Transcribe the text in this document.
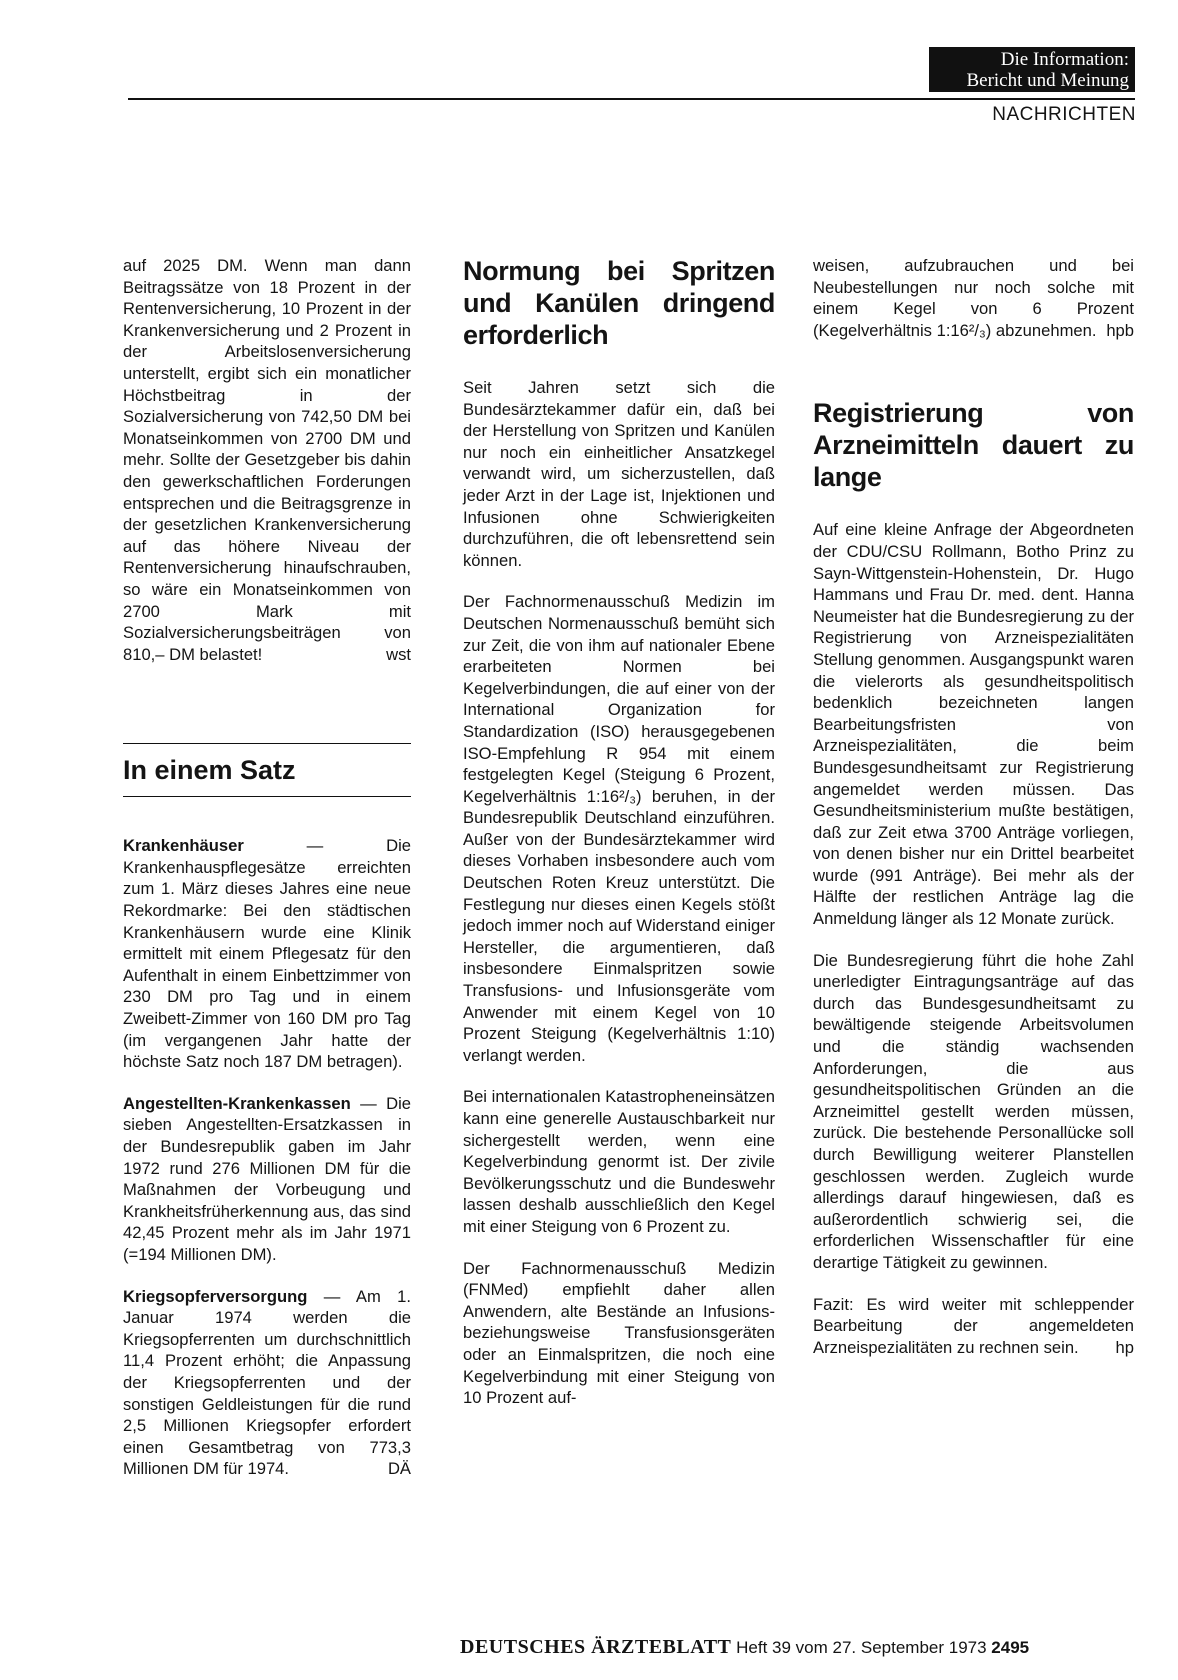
Die Information:
Bericht und Meinung
NACHRICHTEN

auf 2025 DM. Wenn man dann Beitragssätze von 18 Prozent in der Rentenversicherung, 10 Prozent in der Krankenversicherung und 2 Prozent in der Arbeitslosenversicherung unterstellt, ergibt sich ein monatlicher Höchstbeitrag in der Sozialversicherung von 742,50 DM bei Monatseinkommen von 2700 DM und mehr. Sollte der Gesetzgeber bis dahin den gewerkschaftlichen Forderungen entsprechen und die Beitragsgrenze in der gesetzlichen Krankenversicherung auf das höhere Niveau der Rentenversicherung hinaufschrauben, so wäre ein Monatseinkommen von 2700 Mark mit Sozialversicherungsbeiträgen von 810,– DM belastet!	wst

In einem Satz

Krankenhäuser — Die Krankenhauspflegesätze erreichten zum 1. März dieses Jahres eine neue Rekordmarke: Bei den städtischen Krankenhäusern wurde eine Klinik ermittelt mit einem Pflegesatz für den Aufenthalt in einem Einbettzimmer von 230 DM pro Tag und in einem Zweibett-Zimmer von 160 DM pro Tag (im vergangenen Jahr hatte der höchste Satz noch 187 DM betragen).

Angestellten-Krankenkassen — Die sieben Angestellten-Ersatzkassen in der Bundesrepublik gaben im Jahr 1972 rund 276 Millionen DM für die Maßnahmen der Vorbeugung und Krankheitsfrüherkennung aus, das sind 42,45 Prozent mehr als im Jahr 1971 (=194 Millionen DM).

Kriegsopferversorgung — Am 1. Januar 1974 werden die Kriegsopferrenten um durchschnittlich 11,4 Prozent erhöht; die Anpassung der Kriegsopferrenten und der sonstigen Geldleistungen für die rund 2,5 Millionen Kriegsopfer erfordert einen Gesamtbetrag von 773,3 Millionen DM für 1974.	DÄ

Normung bei Spritzen und Kanülen dringend erforderlich

Seit Jahren setzt sich die Bundesärztekammer dafür ein, daß bei der Herstellung von Spritzen und Kanülen nur noch ein einheitlicher Ansatzkegel verwandt wird, um sicherzustellen, daß jeder Arzt in der Lage ist, Injektionen und Infusionen ohne Schwierigkeiten durchzuführen, die oft lebensrettend sein können.

Der Fachnormenausschuß Medizin im Deutschen Normenausschuß bemüht sich zur Zeit, die von ihm auf nationaler Ebene erarbeiteten Normen bei Kegelverbindungen, die auf einer von der International Organization for Standardization (ISO) herausgegebenen ISO-Empfehlung R 954 mit einem festgelegten Kegel (Steigung 6 Prozent, Kegelverhältnis 1:16²/₃) beruhen, in der Bundesrepublik Deutschland einzuführen. Außer von der Bundesärztekammer wird dieses Vorhaben insbesondere auch vom Deutschen Roten Kreuz unterstützt. Die Festlegung nur dieses einen Kegels stößt jedoch immer noch auf Widerstand einiger Hersteller, die argumentieren, daß insbesondere Einmalspritzen sowie Transfusions- und Infusionsgeräte vom Anwender mit einem Kegel von 10 Prozent Steigung (Kegelverhältnis 1:10) verlangt werden.

Bei internationalen Katastropheneinsätzen kann eine generelle Austauschbarkeit nur sichergestellt werden, wenn eine Kegelverbindung genormt ist. Der zivile Bevölkerungsschutz und die Bundeswehr lassen deshalb ausschließlich den Kegel mit einer Steigung von 6 Prozent zu.

Der Fachnormenausschuß Medizin (FNMed) empfiehlt daher allen Anwendern, alte Bestände an Infusions- beziehungsweise Transfusionsgeräten oder an Einmalspritzen, die noch eine Kegelverbindung mit einer Steigung von 10 Prozent auf-

weisen, aufzubrauchen und bei Neubestellungen nur noch solche mit einem Kegel von 6 Prozent (Kegelverhältnis 1:16²/₃) abzunehmen. hpb

Registrierung von Arzneimitteln dauert zu lange

Auf eine kleine Anfrage der Abgeordneten der CDU/CSU Rollmann, Botho Prinz zu Sayn-Wittgenstein-Hohenstein, Dr. Hugo Hammans und Frau Dr. med. dent. Hanna Neumeister hat die Bundesregierung zu der Registrierung von Arzneispezialitäten Stellung genommen. Ausgangspunkt waren die vielerorts als gesundheitspolitisch bedenklich bezeichneten langen Bearbeitungsfristen von Arzneispezialitäten, die beim Bundesgesundheitsamt zur Registrierung angemeldet werden müssen. Das Gesundheitsministerium mußte bestätigen, daß zur Zeit etwa 3700 Anträge vorliegen, von denen bisher nur ein Drittel bearbeitet wurde (991 Anträge). Bei mehr als der Hälfte der restlichen Anträge lag die Anmeldung länger als 12 Monate zurück.

Die Bundesregierung führt die hohe Zahl unerledigter Eintragungsanträge auf das durch das Bundesgesundheitsamt zu bewältigende steigende Arbeitsvolumen und die ständig wachsenden Anforderungen, die aus gesundheitspolitischen Gründen an die Arzneimittel gestellt werden müssen, zurück. Die bestehende Personallücke soll durch Bewilligung weiterer Planstellen geschlossen werden. Zugleich wurde allerdings darauf hingewiesen, daß es außerordentlich schwierig sei, die erforderlichen Wissenschaftler für eine derartige Tätigkeit zu gewinnen.

Fazit: Es wird weiter mit schleppender Bearbeitung der angemeldeten Arzneispezialitäten zu rechnen sein. hp

DEUTSCHES ÄRZTEBLATT Heft 39 vom 27. September 1973 2495
